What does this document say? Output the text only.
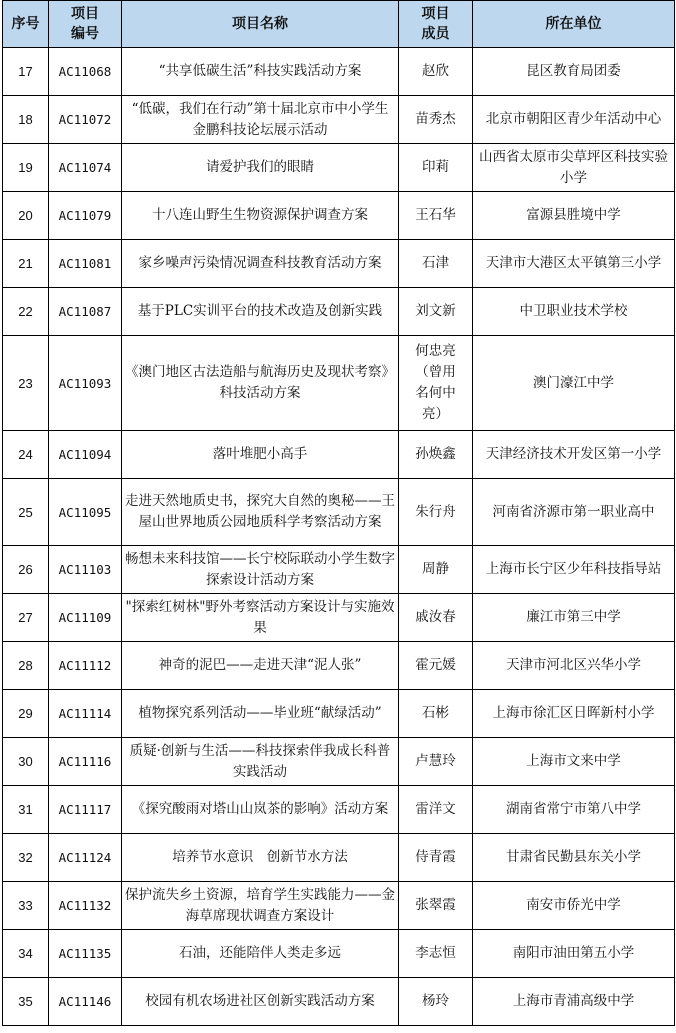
序号	项目编号	项目名称	项目成员	所在单位
17	AC11068	“共享低碳生活”科技实践活动方案	赵欣	昆区教育局团委
18	AC11072	“低碳，我们在行动”第十届北京市中小学生金鹏科技论坛展示活动	苗秀杰	北京市朝阳区青少年活动中心
19	AC11074	请爱护我们的眼睛	印莉	山西省太原市尖草坪区科技实验小学
20	AC11079	十八连山野生生物资源保护调查方案	王石华	富源县胜境中学
21	AC11081	家乡噪声污染情况调查科技教育活动方案	石津	天津市大港区太平镇第三小学
22	AC11087	基于PLC实训平台的技术改造及创新实践	刘文新	中卫职业技术学校
23	AC11093	《澳门地区古法造船与航海历史及现状考察》科技活动方案	何忠亮（曾用名何中亮）	澳门濠江中学
24	AC11094	落叶堆肥小高手	孙焕鑫	天津经济技术开发区第一小学
25	AC11095	走进天然地质史书，探究大自然的奥秘——王屋山世界地质公园地质科学考察活动方案	朱行舟	河南省济源市第一职业高中
26	AC11103	畅想未来科技馆——长宁校际联动小学生数字探索设计活动方案	周静	上海市长宁区少年科技指导站
27	AC11109	"探索红树林"野外考察活动方案设计与实施效果	戚汝春	廉江市第三中学
28	AC11112	神奇的泥巴——走进天津“泥人张”	霍元媛	天津市河北区兴华小学
29	AC11114	植物探究系列活动——毕业班“献绿活动”	石彬	上海市徐汇区日晖新村小学
30	AC11116	质疑·创新与生活——科技探索伴我成长科普实践活动	卢慧玲	上海市文来中学
31	AC11117	《探究酸雨对塔山山岚茶的影响》活动方案	雷洋文	湖南省常宁市第八中学
32	AC11124	培养节水意识　创新节水方法	侍青霞	甘肃省民勤县东关小学
33	AC11132	保护流失乡土资源，培育学生实践能力——金海草席现状调查方案设计	张翠霞	南安市侨光中学
34	AC11135	石油，还能陪伴人类走多远	李志恒	南阳市油田第五小学
35	AC11146	校园有机农场进社区创新实践活动方案	杨玲	上海市青浦高级中学
